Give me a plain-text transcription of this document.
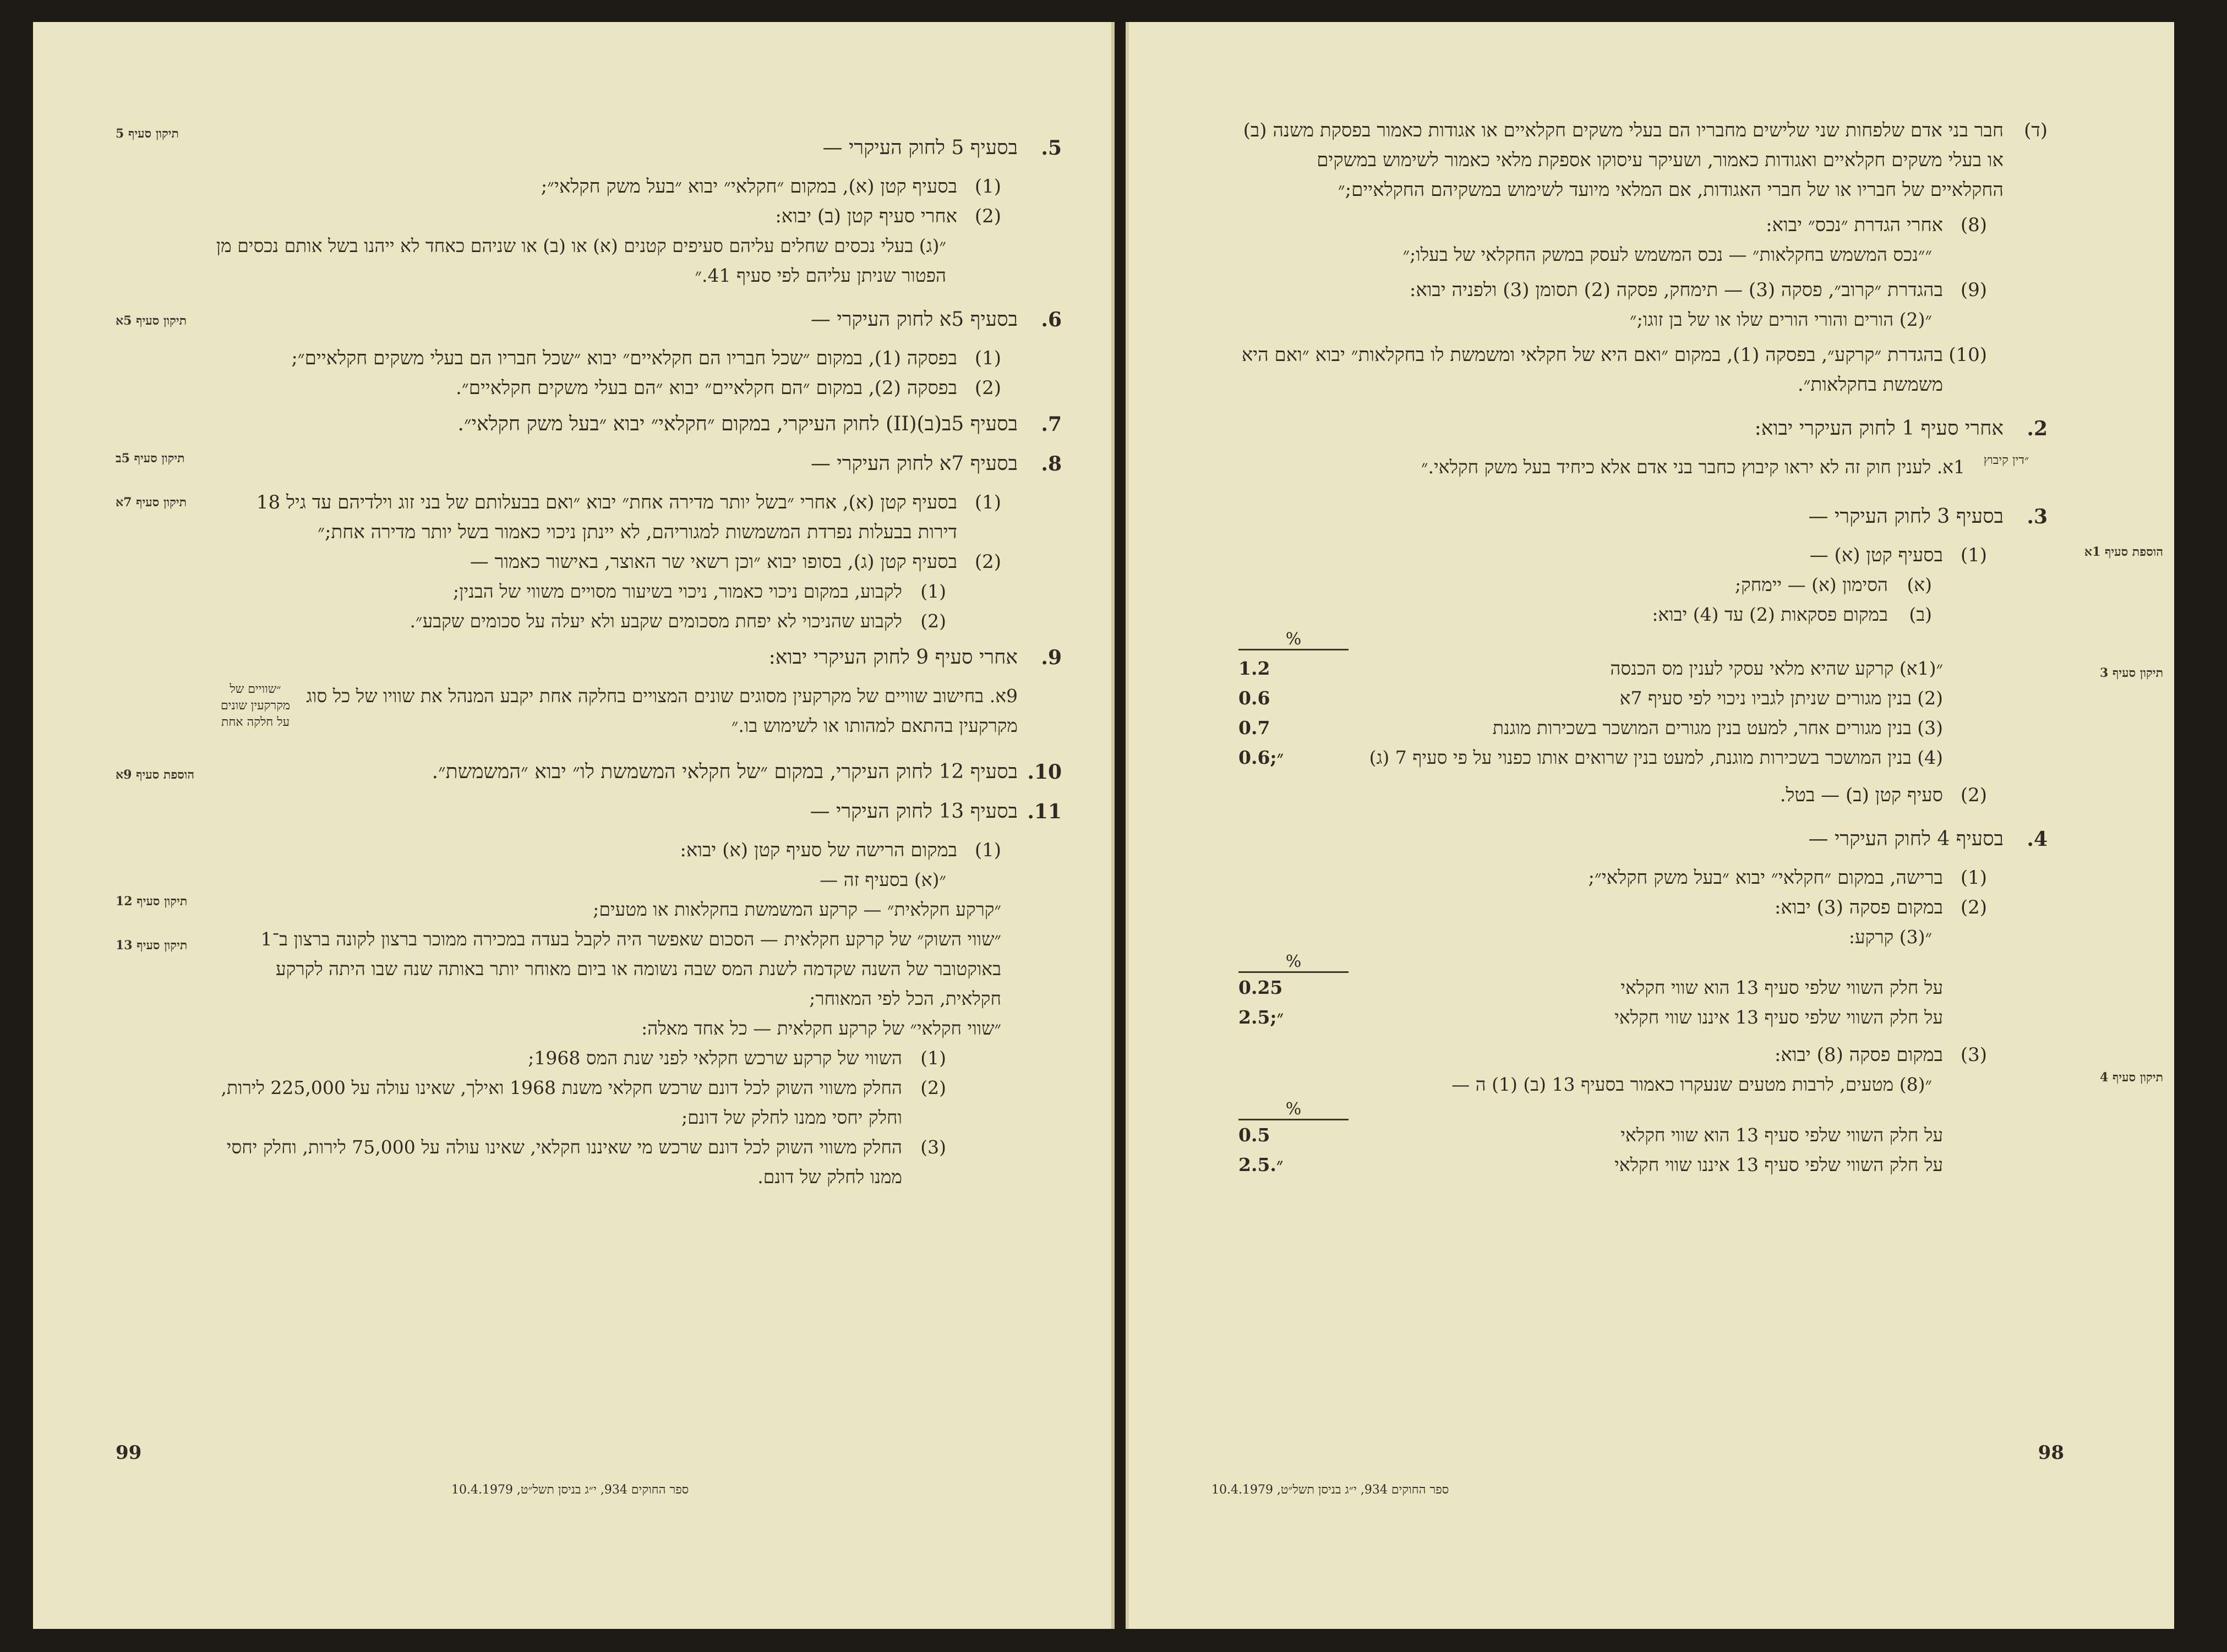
תיקון סעיף 5
תיקון סעיף 5א
תיקון סעיף 5ב
תיקון סעיף 7א
הוספת סעיף 9א
תיקון סעיף 12
תיקון סעיף 13
5.
בסעיף 5 לחוק העיקרי —
(1)
בסעיף קטן (א), במקום ״חקלאי״ יבוא ״בעל משק חקלאי״;
(2)
אחרי סעיף קטן (ב) יבוא:
״(ג) בעלי נכסים שחלים עליהם סעיפים קטנים (א) או (ב) או שניהם כאחד לא ייהנו בשל אותם נכסים מן הפטור שניתן עליהם לפי סעיף 41.״
6.
בסעיף 5א לחוק העיקרי —
(1)
בפסקה (1), במקום ״שכל חבריו הם חקלאיים״ יבוא ״שכל חבריו הם בעלי משקים חקלאיים״;
(2)
בפסקה (2), במקום ״הם חקלאיים״ יבוא ״הם בעלי משקים חקלאיים״.
7.
בסעיף 5ב(ב)(II) לחוק העיקרי, במקום ״חקלאי״ יבוא ״בעל משק חקלאי״.
8.
בסעיף 7א לחוק העיקרי —
(1)
בסעיף קטן (א), אחרי ״בשל יותר מדירה אחת״ יבוא ״ואם בבעלותם של בני זוג וילדיהם עד גיל 18 דירות בבעלות נפרדת המשמשות למגוריהם, לא יינתן ניכוי כאמור בשל יותר מדירה אחת;״
(2)
בסעיף קטן (ג), בסופו יבוא ״וכן רשאי שר האוצר, באישור כאמור —
(1)
לקבוע, במקום ניכוי כאמור, ניכוי בשיעור מסויים משווי של הבנין;
(2)
לקבוע שהניכוי לא יפחת מסכומים שקבע ולא יעלה על סכומים שקבע״.
9.
אחרי סעיף 9 לחוק העיקרי יבוא:
9א. בחישוב שוויים של מקרקעין מסוגים שונים המצויים בחלקה אחת יקבע המנהל את שוויו של כל סוג מקרקעין בהתאם למהותו או לשימוש בו.״
״שוויים של מקרקעין שונים על חלקה אחת
10.
בסעיף 12 לחוק העיקרי, במקום ״של חקלאי המשמשת לו״ יבוא ״המשמשת״.
11.
בסעיף 13 לחוק העיקרי —
(1)
במקום הרישה של סעיף קטן (א) יבוא:
״(א) בסעיף זה —
״קרקע חקלאית״ — קרקע המשמשת בחקלאות או מטעים;
״שווי השוק״ של קרקע חקלאית — הסכום שאפשר היה לקבל בעדה במכירה ממוכר ברצון לקונה ברצון ב־1 באוקטובר של השנה שקדמה לשנת המס שבה נשומה או ביום מאוחר יותר באותה שנה שבו היתה לקרקע חקלאית, הכל לפי המאוחר;
״שווי חקלאי״ של קרקע חקלאית — כל אחד מאלה:
(1)
השווי של קרקע שרכש חקלאי לפני שנת המס 1968;
(2)
החלק משווי השוק לכל דונם שרכש חקלאי משנת 1968 ואילך, שאינו עולה על 225,000 לירות, וחלק יחסי ממנו לחלק של דונם;
(3)
החלק משווי השוק לכל דונם שרכש מי שאיננו חקלאי, שאינו עולה על 75,000 לירות, וחלק יחסי ממנו לחלק של דונם.
99
ספר החוקים 934, י״ג בניסן תשל״ט, 10.4.1979
הוספת סעיף 1א
תיקון סעיף 3
תיקון סעיף 4
(ד)
חבר בני אדם שלפחות שני שלישים מחבריו הם בעלי משקים חקלאיים או אגודות כאמור בפסקת משנה (ב) או בעלי משקים חקלאיים ואגודות כאמור, ושעיקר עיסוקו אספקת מלאי כאמור לשימוש במשקים החקלאיים של חבריו או של חברי האגודות, אם המלאי מיועד לשימוש במשקיהם החקלאיים;״
(8)
אחרי הגדרת ״נכס״ יבוא:
״״נכס המשמש בחקלאות״ — נכס המשמש לעסק במשק החקלאי של בעלו;״
(9)
בהגדרת ״קרוב״, פסקה (3) — תימחק, פסקה (2) תסומן (3) ולפניה יבוא:
״(2) הורים והורי הורים שלו או של בן זוגו;״
(10)
בהגדרת ״קרקע״, בפסקה (1), במקום ״ואם היא של חקלאי ומשמשת לו בחקלאות״ יבוא ״ואם היא משמשת בחקלאות״.
2.
אחרי סעיף 1 לחוק העיקרי יבוא:
״דין קיבוץ
1א. לענין חוק זה לא יראו קיבוץ כחבר בני אדם אלא כיחיד בעל משק חקלאי.״
3.
בסעיף 3 לחוק העיקרי —
(1)
בסעיף קטן (א) —
(א)
הסימון (א) — יימחק;
(ב)
במקום פסקאות (2) עד (4) יבוא:
%
״(1א) קרקע שהיא מלאי עסקי לענין מס הכנסה
1.2
(2) בנין מגורים שניתן לגביו ניכוי לפי סעיף 7א
0.6
(3) בנין מגורים אחר, למעט בנין מגורים המושכר בשכירות מוגנת
0.7
(4) בנין המושכר בשכירות מוגנת, למעט בנין שרואים אותו כפנוי על פי סעיף 7 (ג)
0.6;״
(2)
סעיף קטן (ב) — בטל.
4.
בסעיף 4 לחוק העיקרי —
(1)
ברישה, במקום ״חקלאי״ יבוא ״בעל משק חקלאי״;
(2)
במקום פסקה (3) יבוא:
״(3) קרקע:
%
על חלק השווי שלפי סעיף 13 הוא שווי חקלאי
0.25
על חלק השווי שלפי סעיף 13 איננו שווי חקלאי
2.5;״
(3)
במקום פסקה (8) יבוא:
״(8) מטעים, לרבות מטעים שנעקרו כאמור בסעיף 13 (ב) (1) ה —
%
על חלק השווי שלפי סעיף 13 הוא שווי חקלאי
0.5
על חלק השווי שלפי סעיף 13 איננו שווי חקלאי
2.5.״
98
ספר החוקים 934, י״ג בניסן תשל״ט, 10.4.1979
